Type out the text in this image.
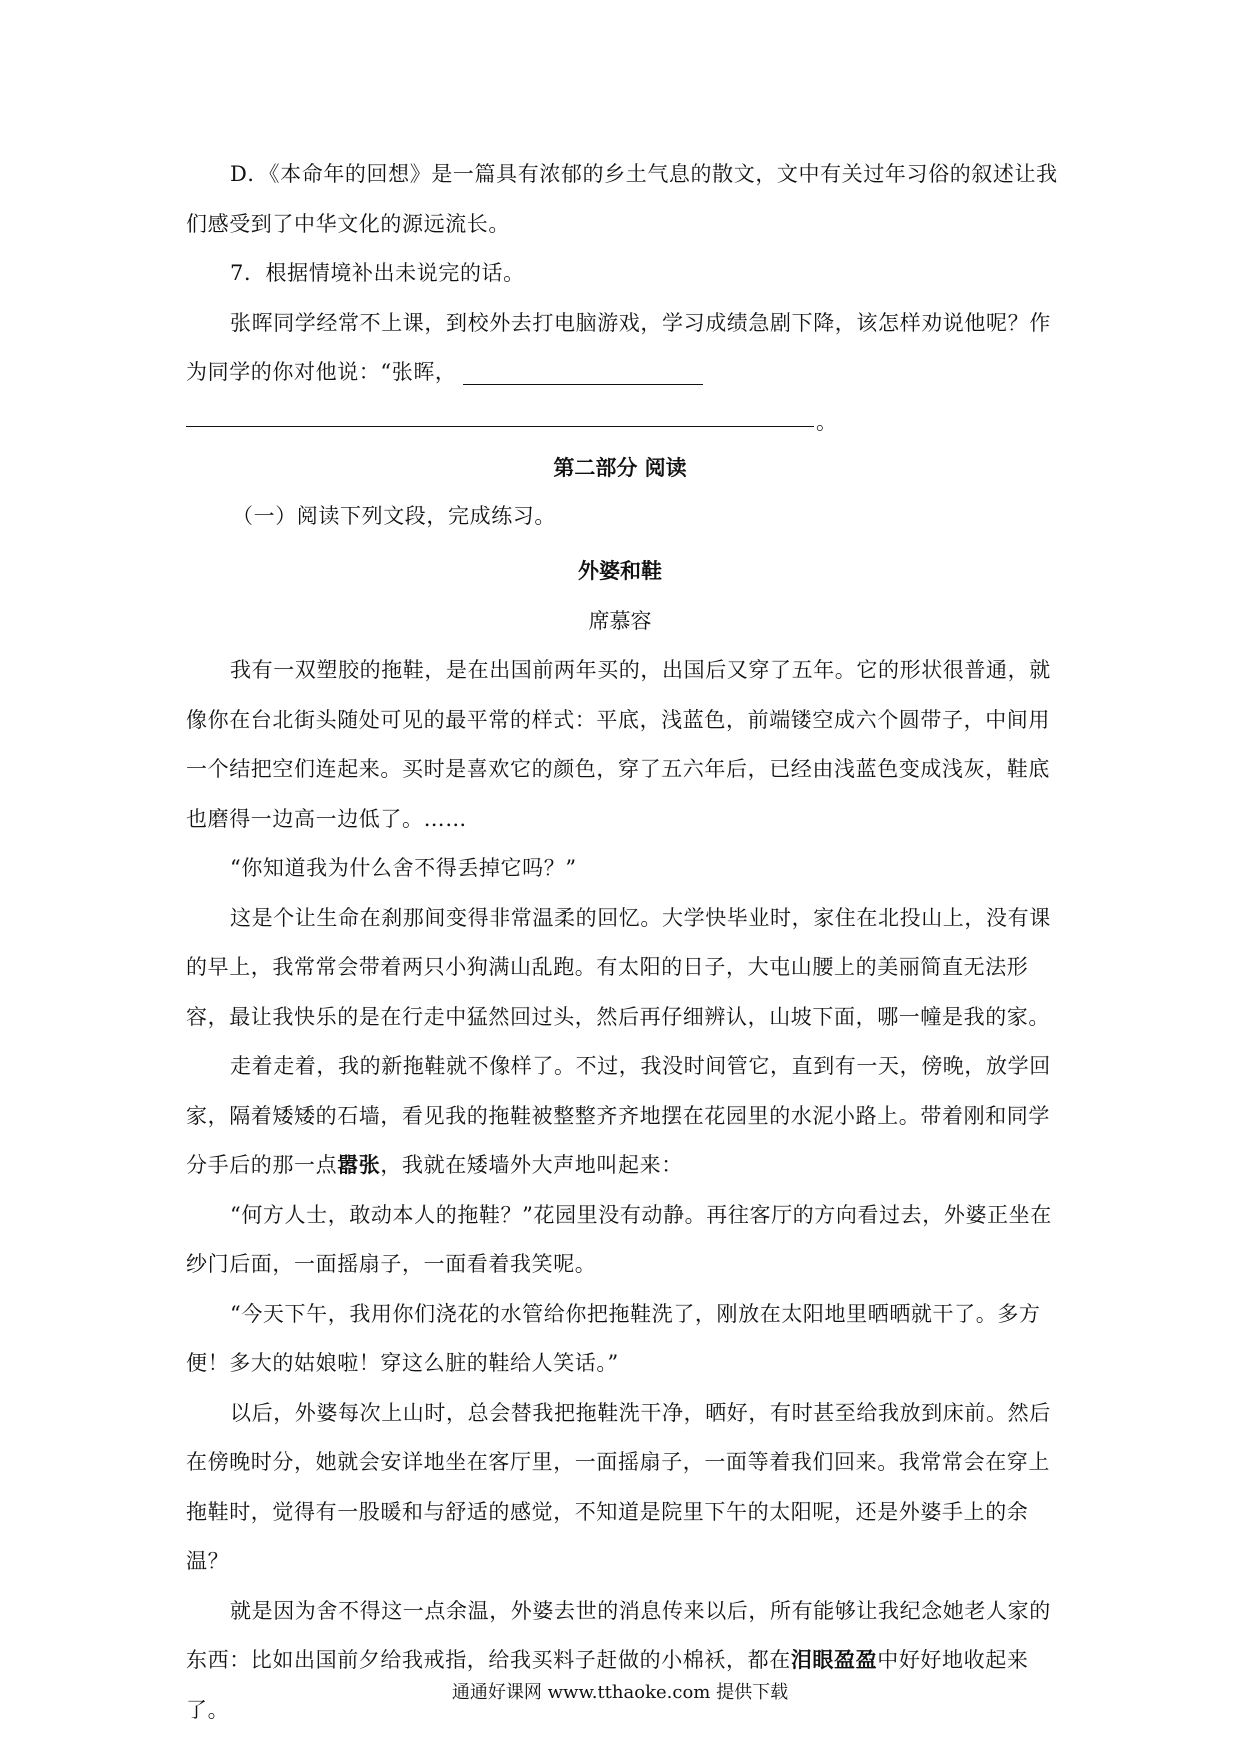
D．《本命年的回想》是一篇具有浓郁的乡土气息的散文，文中有关过年习俗的叙述让我们感受到了中华文化的源远流长。

7．根据情境补出未说完的话。

张晖同学经常不上课，到校外去打电脑游戏，学习成绩急剧下降，该怎样劝说他呢？作为同学的你对他说：“张晖，

。
第二部分 阅读
（一）阅读下列文段，完成练习。
外婆和鞋
席慕容

我有一双塑胶的拖鞋，是在出国前两年买的，出国后又穿了五年。它的形状很普通，就像你在台北街头随处可见的最平常的样式：平底，浅蓝色，前端镂空成六个圆带子，中间用一个结把空们连起来。买时是喜欢它的颜色，穿了五六年后，已经由浅蓝色变成浅灰，鞋底也磨得一边高一边低了。……

“你知道我为什么舍不得丢掉它吗？”

这是个让生命在刹那间变得非常温柔的回忆。大学快毕业时，家住在北投山上，没有课的早上，我常常会带着两只小狗满山乱跑。有太阳的日子，大屯山腰上的美丽简直无法形容，最让我快乐的是在行走中猛然回过头，然后再仔细辨认，山坡下面，哪一幢是我的家。

走着走着，我的新拖鞋就不像样了。不过，我没时间管它，直到有一天，傍晚，放学回家，隔着矮矮的石墙，看见我的拖鞋被整整齐齐地摆在花园里的水泥小路上。带着刚和同学分手后的那一点嚣张，我就在矮墙外大声地叫起来：

“何方人士，敢动本人的拖鞋？”花园里没有动静。再往客厅的方向看过去，外婆正坐在纱门后面，一面摇扇子，一面看着我笑呢。

“今天下午，我用你们浇花的水管给你把拖鞋洗了，刚放在太阳地里晒晒就干了。多方便！多大的姑娘啦！穿这么脏的鞋给人笑话。”

以后，外婆每次上山时，总会替我把拖鞋洗干净，晒好，有时甚至给我放到床前。然后在傍晚时分，她就会安详地坐在客厅里，一面摇扇子，一面等着我们回来。我常常会在穿上拖鞋时，觉得有一股暖和与舒适的感觉，不知道是院里下午的太阳呢，还是外婆手上的余温？

就是因为舍不得这一点余温，外婆去世的消息传来以后，所有能够让我纪念她老人家的东西：比如出国前夕给我戒指，给我买料子赶做的小棉袄，都在泪眼盈盈中好好地收起来了。

通通好课网 www.tthaoke.com 提供下载
